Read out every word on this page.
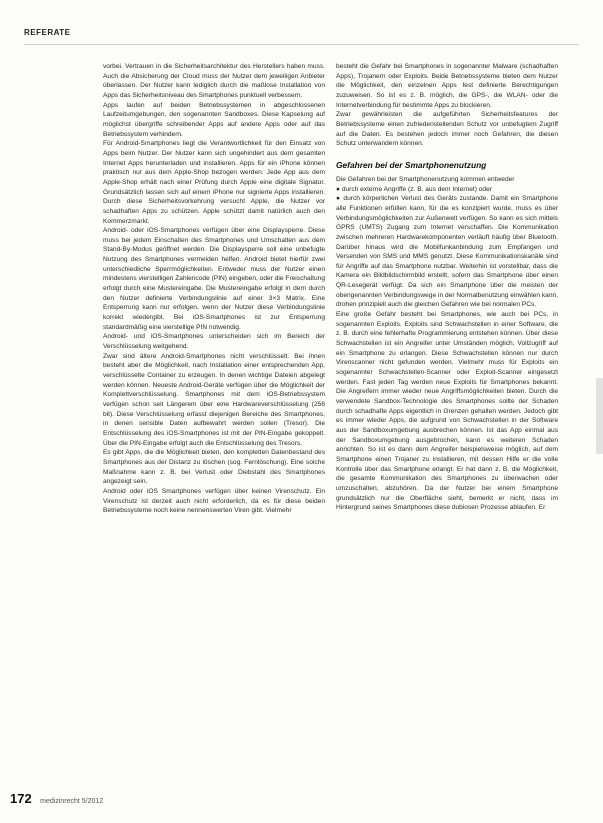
REFERATE

vorbei. Vertrauen in die Sicherheitsarchitektur des Herstellers haben muss. Auch die Absicherung der Cloud muss der Nutzer dem jeweiligen Anbieter überlassen. Der Nutzer kann lediglich durch die maßlose Installation von Apps das Sicherheitsniveau des Smartphones punktuell verbessern.

Apps laufen auf beiden Betriebssystemen in abgeschlossenen Laufzeitumgebungen, den sogenannten Sandboxes. Diese Kapselung auf möglichst übergriffe schreibender Apps auf andere Apps oder auf das Betriebssystem verhindern.

Für Android-Smartphones liegt die Verantwortlichkeit für den Einsatz von Apps beim Nutzer. Der Nutzer kann sich ungehindert aus dem gesamten Internet Apps herunterladen und installieren. Apps für ein iPhone können praktisch nur aus dem Apple-Shop bezogen werden. Jede App aus dem Apple-Shop erhält nach einer Prüfung durch Apple eine digitale Signatur. Grundsätzlich lassen sich auf einem iPhone nur signierte Apps installieren. Durch diese Sicherheitsvorkehrung versucht Apple, die Nutzer vor schadhaften Apps zu schützen. Apple schützt damit natürlich auch den Kommerzmarkt.

Android- oder iOS-Smartphones verfügen über eine Displaysperre. Diese muss bei jedem Einschalten des Smartphones und Umschalten aus dem Stand-By-Modus geöffnet werden. Die Displaysperre soll eine unbefugte Nutzung des Smartphones vermeiden helfen. Android bietet hierfür zwei unterschiedliche Sperrmöglichkeiten. Entweder muss der Nutzer einen mindestens vierstelligen Zahlencode (PIN) eingeben, oder die Freischaltung erfolgt durch eine Mustereingabe. Die Mustereingabe erfolgt in dem durch den Nutzer definierte Verbindungslinie auf einer 3×3 Matrix. Eine Entsperrung kann nur erfolgen, wenn der Nutzer diese Verbindungslinie korrekt wiedergibt. Bei iOS-Smartphones ist zur Entsperrung standardmäßig eine vierstellige PIN notwendig.

Android- und iOS-Smartphones unterscheiden sich im Bereich der Verschlüsselung weitgehend.

Zwar sind ältere Android-Smartphones nicht verschlüsselt. Bei ihnen besteht aber die Möglichkeit, nach Installation einer entsprechenden App, verschlüsselte Container zu erzeugen. In denen wichtige Dateien abgelegt werden können. Neueste Android-Geräte verfügen über die Möglichkeit der Komplettverschlüsselung. Smartphones mit dem iOS-Betriebssystem verfügen schon seit Längerem über eine Hardwareverschlüsselung (256 bit). Diese Verschlüsselung erfasst diejenigen Bereiche des Smartphones, in denen sensible Daten aufbewahrt werden sollen (Tresor). Die Entschlüsselung des iOS-Smartphones ist mit der PIN-Eingabe gekoppelt. Über die PIN-Eingabe erfolgt auch die Entschlüsselung des Tresors.

Es gibt Apps, die die Möglichkeit bieten, den kompletten Datenbestand des Smartphones aus der Distanz zu löschen (sog. Fernlöschung). Eine solche Maßnahme kann z. B. bei Verlust oder Diebstahl des Smartphones angezeigt sein.

Android oder iOS Smartphones verfügen über keinen Virenschutz. Ein Virenschutz ist derzeit auch nicht erforderlich, da es für diese beiden Betriebssysteme noch keine nennenswerten Viren gibt. Vielmehr

besteht die Gefahr bei Smartphones in sogenannter Malware (schadhaften Apps), Trojanern oder Exploits. Beide Betriebssysteme bieten dem Nutzer die Möglichkeit, den einzelnen Apps fest definierte Berechtigungen zuzuweisen. So ist es z. B. möglich, die GPS-, die WLAN- oder die Internetverbindung für bestimmte Apps zu blockieren.

Zwar gewährleisten die aufgeführten Sicherheitsfeatures der Betriebssysteme einen zufriedenstellenden Schutz vor unbefugtem Zugriff auf die Daten. Es bestehen jedoch immer noch Gefahren, die diesen Schutz unterwandern können.

Gefahren bei der Smartphonenutzung

Die Gefahren bei der Smartphonenutzung kommen entweder

● durch externe Angriffe (z. B. aus dem Internet) oder

● durch körperlichen Verlust des Geräts zustande. Damit ein Smartphone alle Funktionen erfüllen kann, für die es konzipiert wurde, muss es über Verbindungsmöglichkeiten zur Außenwelt verfügen. So kann es sich mittels GPRS (UMTS) Zugang zum Internet verschaffen. Die Kommunikation zwischen mehreren Hardwarekomponenten verläuft häufig über Bluetooth. Darüber hinaus wird die Mobilfunkanbindung zum Empfangen und Versenden von SMS und MMS genutzt. Diese Kommunikationskanäle sind für Angriffe auf das Smartphone nutzbar. Weiterhin ist vorstellbar, dass die Kamera ein Bildbildschirmbild erstellt, sofern das Smartphone über einen QR-Lesegerät verfügt. Da sich ein Smartphone über die meisten der obengenannten Verbindungswege in der Normalbenutzung einwählen kann, drohen prinzipiell auch die gleichen Gefahren wie bei normalen PCs.

Eine große Gefahr besteht bei Smartphones, wie auch bei PCs, in sogenannten Exploits. Exploits sind Schwachstellen in einer Software, die z. B. durch eine fehlerhafte Programmierung entstehen können. Über diese Schwachstellen ist ein Angreifer unter Umständen möglich, Vollzugriff auf ein Smartphone zu erlangen. Diese Schwachstellen können nur durch Virenscanner nicht gefunden werden. Vielmehr muss für Exploits ein sogenannter Schwachstellen-Scanner oder Exploit-Scanner eingesetzt werden. Fast jeden Tag werden neue Exploits für Smartphones bekannt. Die Angreifern immer wieder neue Angriffsmöglichkeiten bieten. Durch die verwendete Sandbox-Technologie des Smartphones sollte der Schaden durch schadhafte Apps eigentlich in Grenzen gehalten werden. Jedoch gibt es immer wieder Apps, die aufgrund von Schwachstellen in der Software aus der Sandboxumgebung ausbrechen können. Ist das App einmal aus der Sandboxumgebung ausgebrochen, kann es weiteren Schaden anrichten. So ist es dann dem Angreifer beispielsweise möglich, auf dem Smartphone einen Trojaner zu installieren, mit dessen Hilfe er die volle Kontrolle über das Smartphone erlangt. Er hat dann z. B. die Möglichkeit, die gesamte Kommunikation des Smartphones zu überwachen oder umzuschalten, abzuhören. Da der Nutzer bei einem Smartphone grundsätzlich nur die Oberfläche sieht, bemerkt er nicht, dass im Hintergrund seines Smartphones diese dubiosen Prozesse ablaufen. Er

172 medizinrecht 5/2012
